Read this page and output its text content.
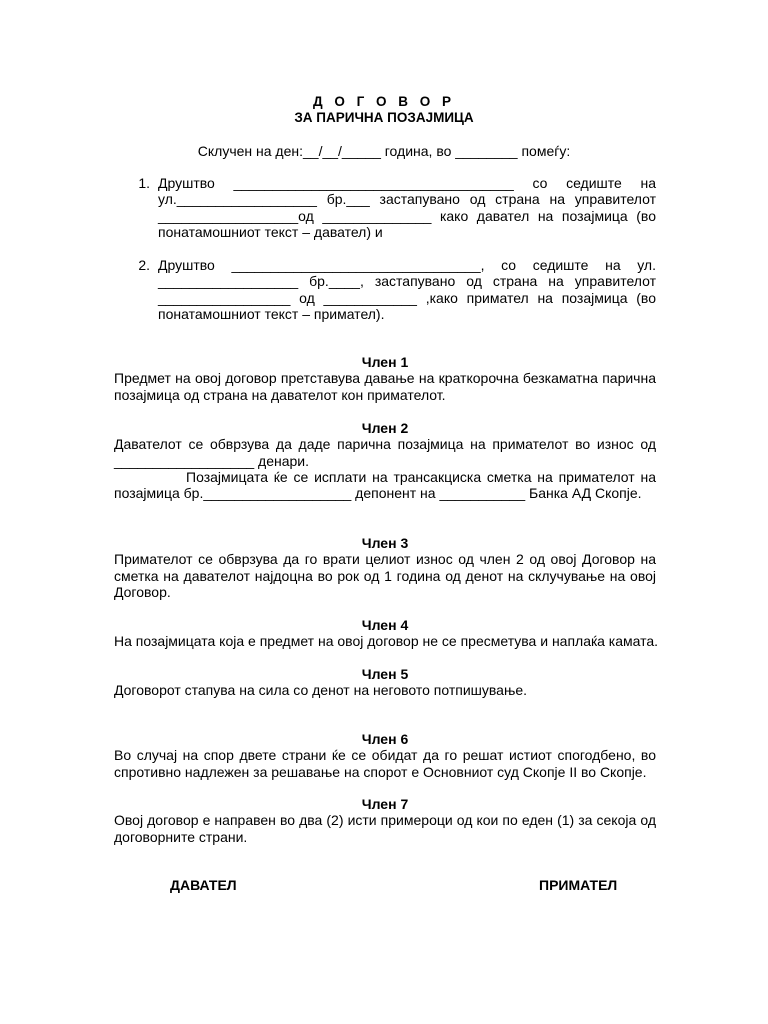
Д О Г О В О Р
ЗА ПАРИЧНА ПОЗАЈМИЦА
Склучен на ден:__/__/_____ година, во ________ помеѓу:
1. Друштво ____________________________________ со седиште на
ул.__________________ бр.___ застапувано од страна на управителот
__________________од ______________ како давател на позајмица (во
понатамошниот текст – давател) и
2. Друштво ________________________________, со седиште на ул.
__________________ бр.____, застапувано од страна на управителот
_________________ од ____________ ,како примател на позајмица (во
понатамошниот текст – примател).
Член 1
Предмет на овој договор претставува давање на краткорочна безкаматна парична
позајмица од страна на давателот кон примателот.
Член 2
Давателот се обврзува да даде парична позајмица на примателот во износ од
__________________ денари.
Позајмицата ќе се исплати на трансакциска сметка на примателот на
позајмица бр.___________________ депонент на ___________ Банка АД Скопје.
Член 3
Примателот се обврзува да го врати целиот износ од член 2 од овој Договор на
сметка на давателот најдоцна во рок од 1 година од денот на склучување на овој
Договор.
Член 4
На позајмицата која е предмет на овој договор не се пресметува и наплаќа камата.
Член 5
Договорот стапува на сила со денот на неговото потпишување.
Член 6
Во случај на спор двете страни ќе се обидат да го решат истиот спогодбено, во
спротивно надлежен за решавање на спорот е Основниот суд Скопје II во Скопје.
Член 7
Овој договор е направен во два (2) исти примероци од кои по еден (1) за секоја од
договорните страни.
ДАВАТЕЛ	ПРИМАТЕЛ
